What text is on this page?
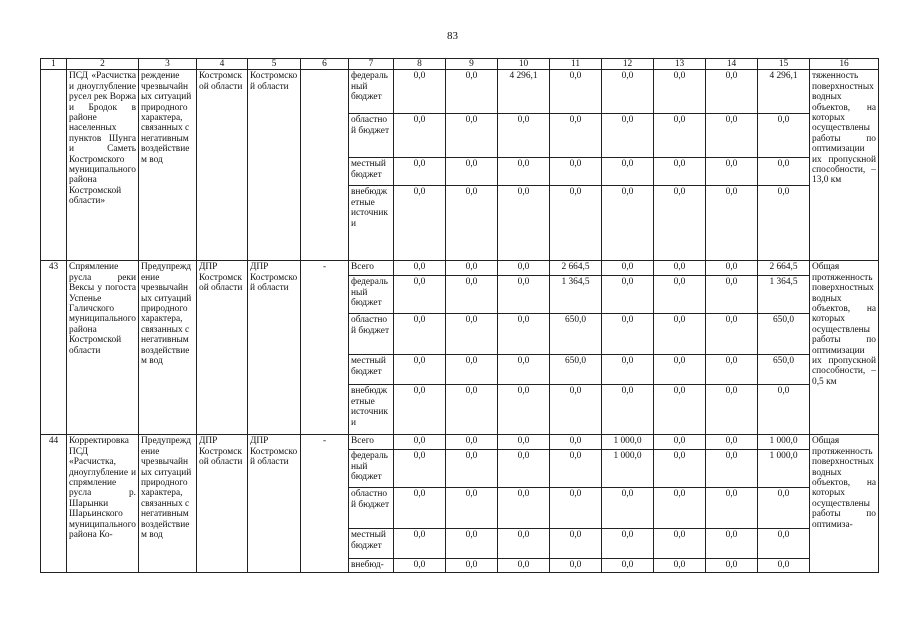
83
1	2	3	4	5	6	7	8	9	10	11	12	13	14	15	16
	ПСД «Расчистка и дноуглубление русел рек Воржа и Бродок в районе населенных пунктов Шунга и Саметь Костромского муниципального района Костромской области»	реждение чрезвычайных ситуаций природного характера, связанных с негативным воздействием вод	Костромской области	Костромской области		федеральный бюджет	0,0	0,0	4 296,1	0,0	0,0	0,0	0,0	4 296,1	тяженность поверхностных водных объектов, на которых осуществлены работы по оптимизации их пропускной способности, – 13,0 км
						областной бюджет	0,0	0,0	0,0	0,0	0,0	0,0	0,0	0,0	
						местный бюджет	0,0	0,0	0,0	0,0	0,0	0,0	0,0	0,0	
						внебюджетные источники	0,0	0,0	0,0	0,0	0,0	0,0	0,0	0,0	
43	Спрямление русла реки Вексы у погоста Успенье Галичского муниципального района Костромской области	Предупреждение чрезвычайных ситуаций природного характера, связанных с негативным воздействием вод	ДПР Костромской области	ДПР Костромской области	-	Всего	0,0	0,0	0,0	2 664,5	0,0	0,0	0,0	2 664,5	Общая протяженность поверхностных водных объектов, на которых осуществлены работы по оптимизации их пропускной способности, – 0,5 км
						федеральный бюджет	0,0	0,0	0,0	1 364,5	0,0	0,0	0,0	1 364,5	
						областной бюджет	0,0	0,0	0,0	650,0	0,0	0,0	0,0	650,0	
						местный бюджет	0,0	0,0	0,0	650,0	0,0	0,0	0,0	650,0	
						внебюджетные источники	0,0	0,0	0,0	0,0	0,0	0,0	0,0	0,0	
44	Корректировка ПСД «Расчистка, дноуглубление и спрямление русла р. Шарынки Шарьинского муниципального района Ко-	Предупреждение чрезвычайных ситуаций природного характера, связанных с негативным воздействием вод	ДПР Костромской области	ДПР Костромской области	-	Всего	0,0	0,0	0,0	0,0	1 000,0	0,0	0,0	1 000,0	Общая протяженность поверхностных водных объектов, на которых осуществлены работы по оптимиза-
						федеральный бюджет	0,0	0,0	0,0	0,0	1 000,0	0,0	0,0	1 000,0	
						областной бюджет	0,0	0,0	0,0	0,0	0,0	0,0	0,0	0,0	
						местный бюджет	0,0	0,0	0,0	0,0	0,0	0,0	0,0	0,0	
						внебюд-	0,0	0,0	0,0	0,0	0,0	0,0	0,0	0,0	
